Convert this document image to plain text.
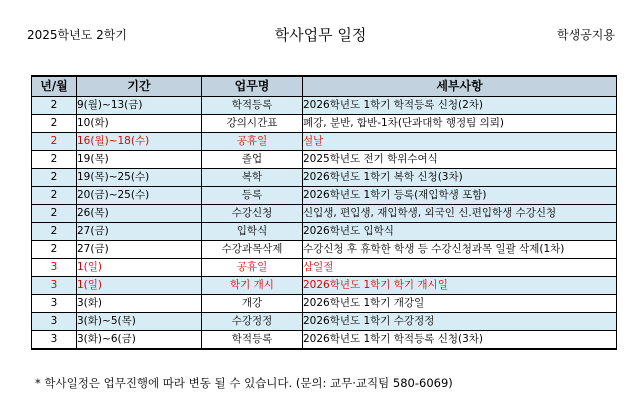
2025학년도 2학기	학사업무 일정	학생공지용
년/월	기간	업무명	세부사항
2	9(월)~13(금)	학적등록	2026학년도 1학기 학적등록 신청(2차)
2	10(화)	강의시간표	폐강, 분반, 합반-1차(단과대학 행정팀 의뢰)
2	16(월)~18(수)	공휴일	설날
2	19(목)	졸업	2025학년도 전기 학위수여식
2	19(목)~25(수)	복학	2026학년도 1학기 복학 신청(3차)
2	20(금)~25(수)	등록	2026학년도 1학기 등록(재입학생 포함)
2	26(목)	수강신청	신입생, 편입생, 재입학생, 외국인 신.편입학생 수강신청
2	27(금)	입학식	2026학년도 입학식
2	27(금)	수강과목삭제	수강신청 후 휴학한 학생 등 수강신청과목 일괄 삭제(1차)
3	1(일)	공휴일	삼일절
3	1(일)	학기 개시	2026학년도 1학기 학기 개시일
3	3(화)	개강	2026학년도 1학기 개강일
3	3(화)~5(목)	수강정정	2026학년도 1학기 수강정정
3	3(화)~6(금)	학적등록	2026학년도 1학기 학적등록 신청(3차)
* 학사일정은 업무진행에 따라 변동 될 수 있습니다. (문의: 교무·교직팀 580-6069)
